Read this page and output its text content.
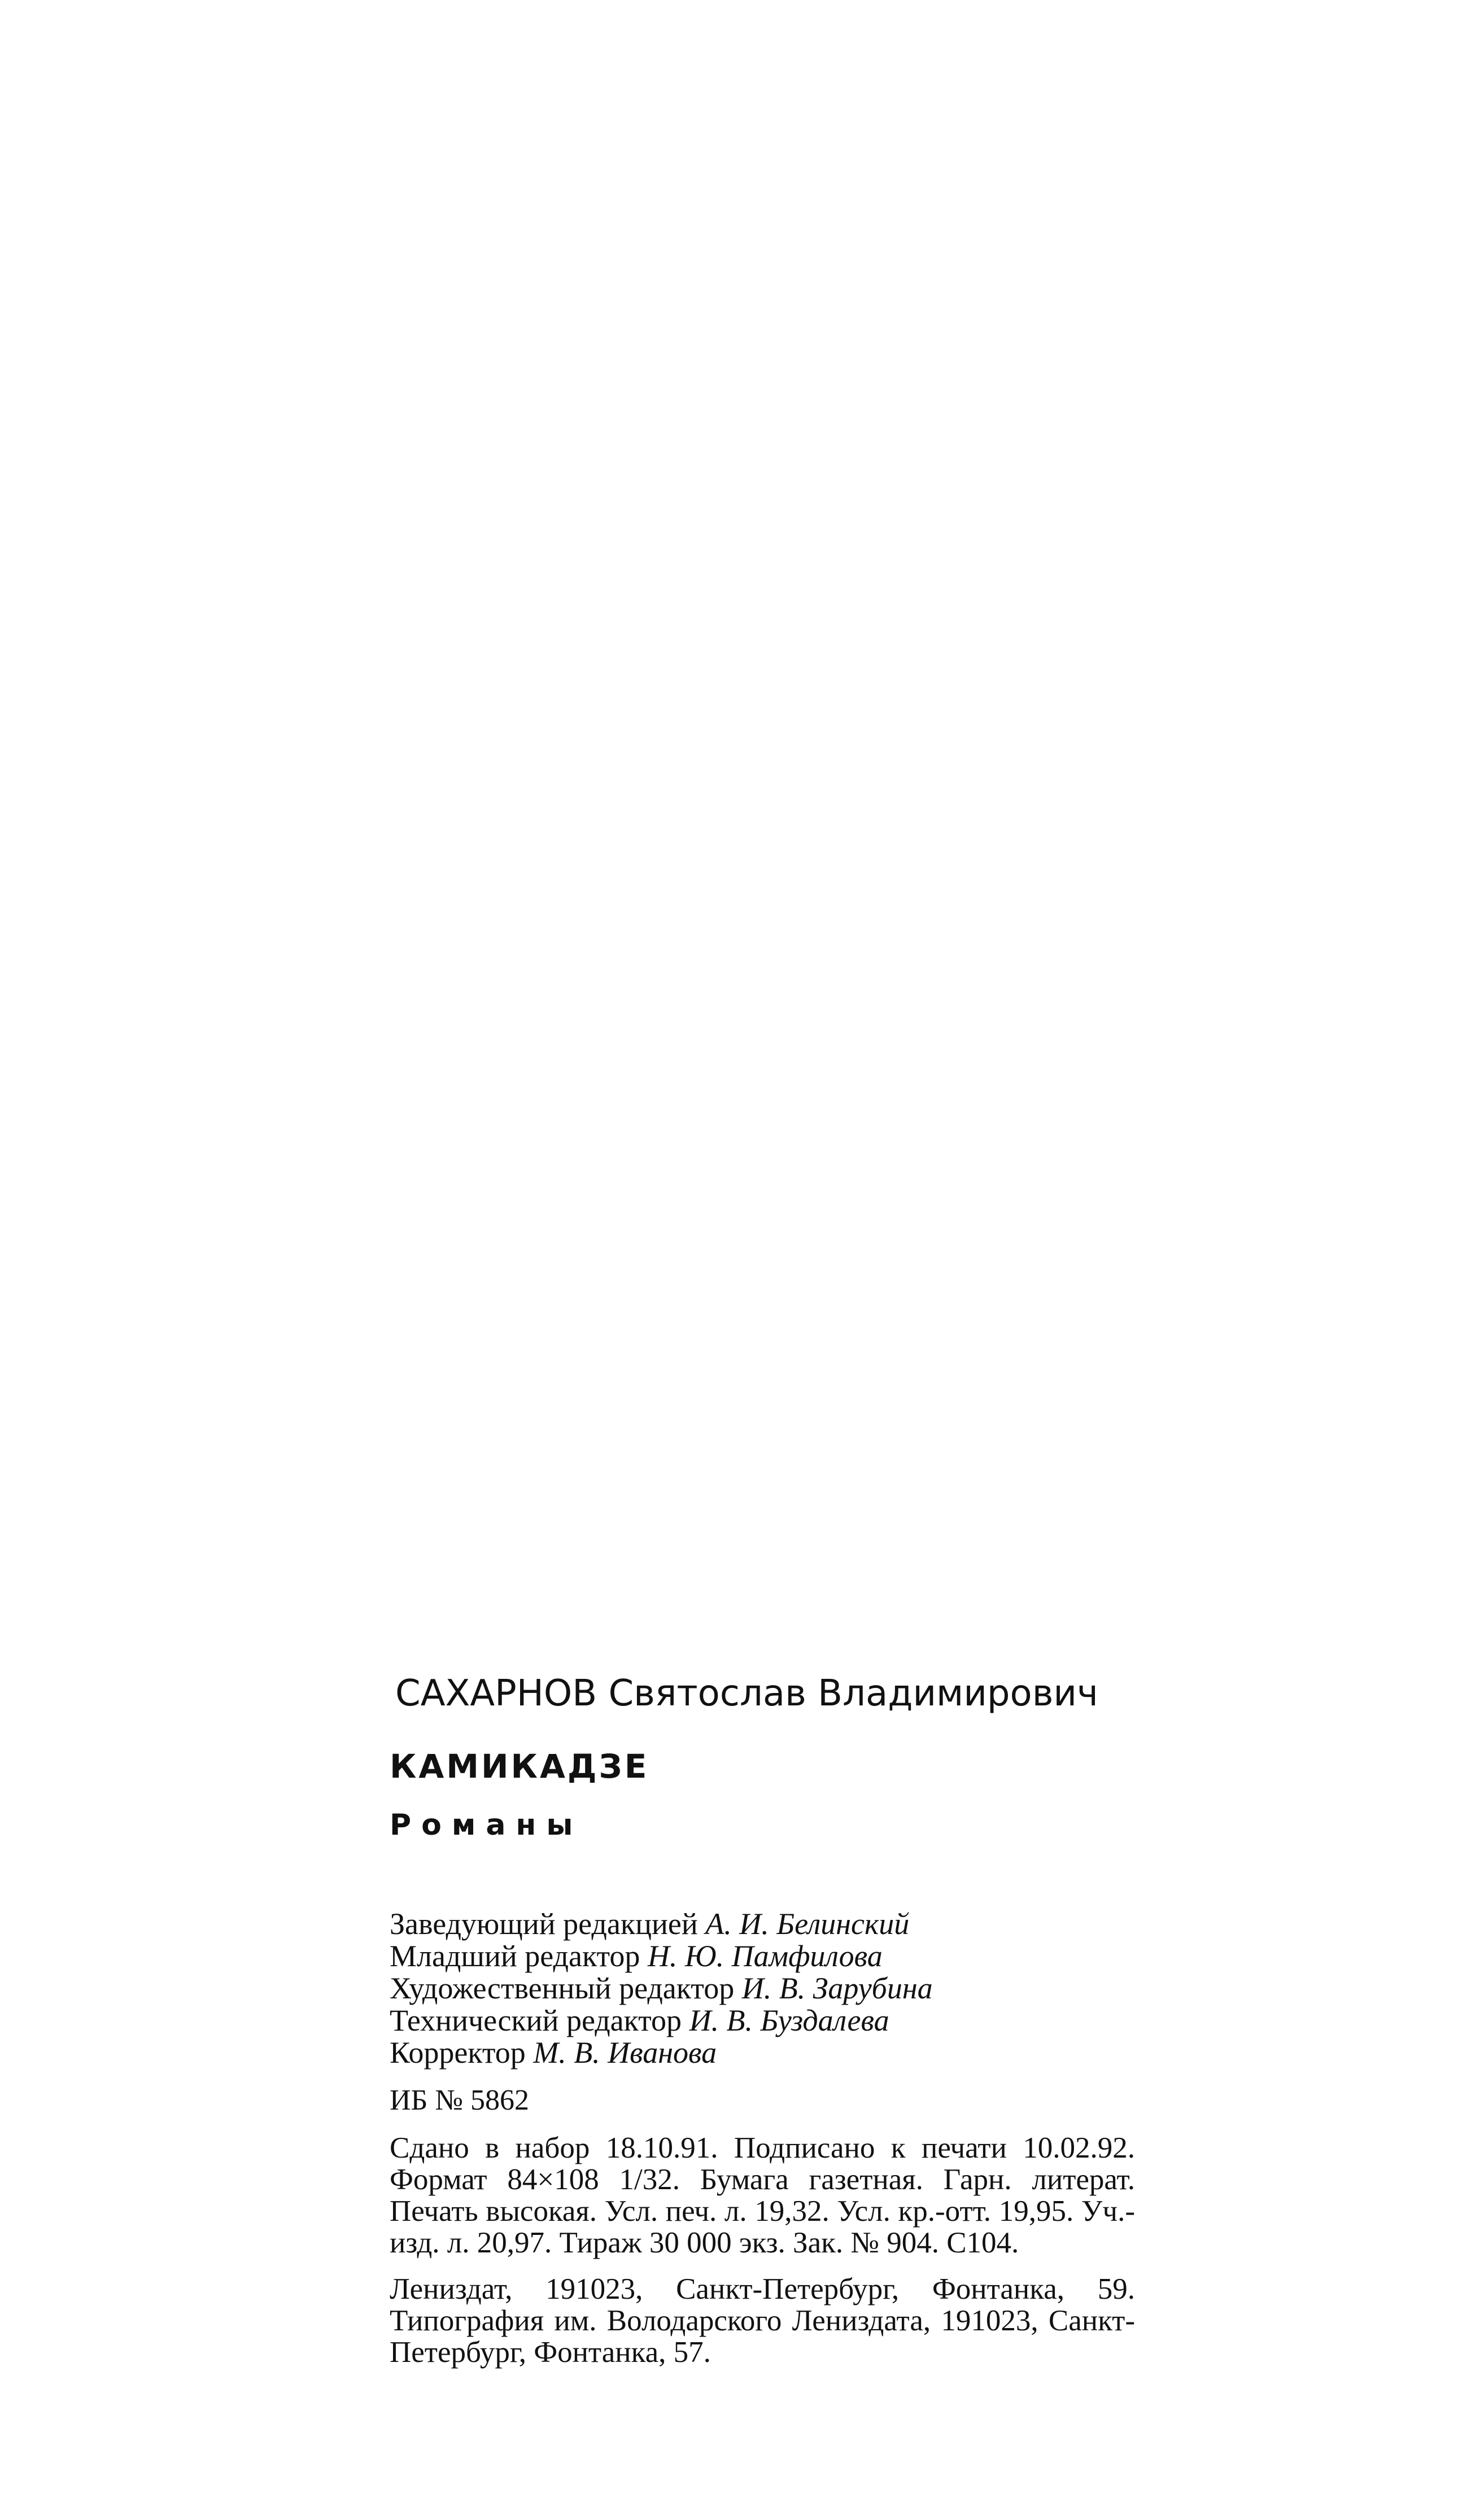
САХАРНОВ Святослав Владимирович
КАМИКАДЗЕ
Романы
Заведующий редакцией А. И. Белинский
Младший редактор Н. Ю. Памфилова
Художественный редактор И. В. Зарубина
Технический редактор И. В. Буздалева
Корректор М. В. Иванова
ИБ № 5862
Сдано в набор 18.10.91. Подписано к печати 10.02.92. Формат 84×108 1/32. Бумага газетная. Гарн. литерат. Печать высокая. Усл. печ. л. 19,32. Усл. кр.-отт. 19,95. Уч.-изд. л. 20,97. Тираж 30 000 экз. Зак. № 904. С104.
Лениздат, 191023, Санкт-Петербург, Фонтанка, 59. Типография им. Володарского Лениздата, 191023, Санкт-Петербург, Фонтанка, 57.
